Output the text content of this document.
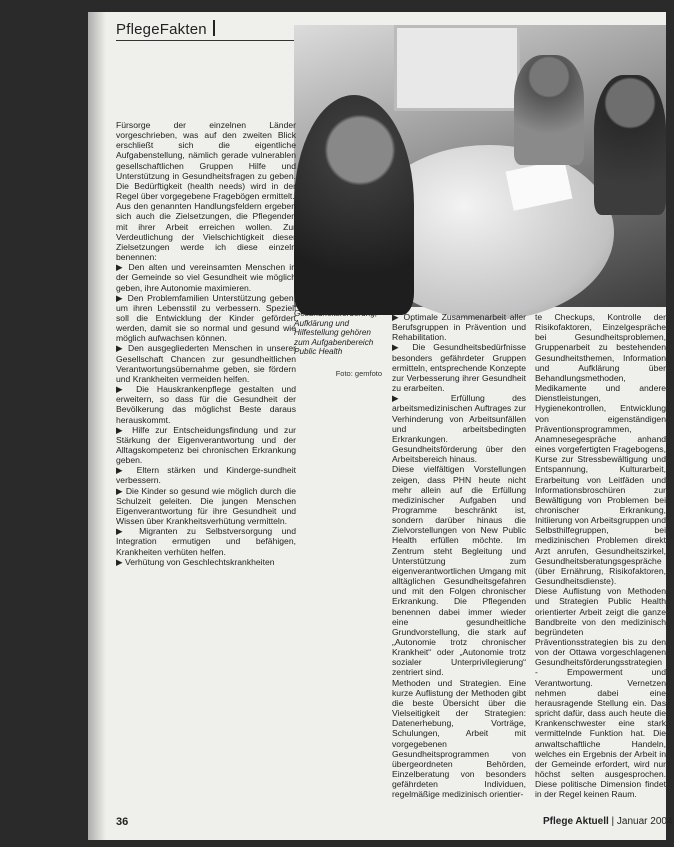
PflegeFakten
Gesundheitsförderung, Aufklärung und Hilfestellung gehören zum Aufgabenbereich Public Health
Foto: gemfoto

Fürsorge der einzelnen Länder vorgeschrieben, was auf den zweiten Blick erschließt sich die eigentliche Aufgabenstellung, nämlich gerade vulnerablen gesellschaftlichen Gruppen Hilfe und Unterstützung in Gesundheitsfragen zu geben. Die Bedürftigkeit (health needs) wird in der Regel über vorgegebene Fragebögen ermittelt.

Aus den genannten Handlungsfeldern ergeben sich auch die Zielsetzungen, die Pflegenden mit ihrer Arbeit erreichen wollen. Zur Verdeutlichung der Vielschichtigkeit dieser Zielsetzungen werde ich diese einzeln benennen:

▶ Den alten und vereinsamten Menschen in der Gemeinde so viel Gesundheit wie möglich geben, ihre Autonomie maximieren.

▶ Den Problemfamilien Unterstützung geben, um ihren Lebensstil zu verbessern. Speziell soll die Entwicklung der Kinder gefördert werden, damit sie so normal und gesund wie möglich aufwachsen können.

▶ Den ausgegliederten Menschen in unserer Gesellschaft Chancen zur gesundheitlichen Verantwortungsübernahme geben, sie fördern und Krankheiten vermeiden helfen.

▶ Die Hauskrankenpflege gestalten und erweitern, so dass für die Gesundheit der Bevölkerung das möglichst Beste daraus herauskommt.

▶ Hilfe zur Entscheidungsfindung und zur Stärkung der Eigenverantwortung und der Alltagskompetenz bei chronischen Erkrankung geben.

▶ Eltern stärken und Kinderge-sundheit verbessern.

▶ Die Kinder so gesund wie möglich durch die Schulzeit geleiten. Die jungen Menschen Eigenverantwortung für ihre Gesundheit und Wissen über Krankheitsverhütung vermitteln.

▶ Migranten zu Selbstversorgung und Integration ermutigen und befähigen, Krankheiten verhüten helfen.

▶ Verhütung von Geschlechtskrankheiten

▶ Optimale Zusammenarbeit aller Berufsgruppen in Prävention und Rehabilitation.

▶ Die Gesundheitsbedürfnisse besonders gefährdeter Gruppen ermitteln, entsprechende Konzepte zur Verbesserung ihrer Gesundheit zu erarbeiten.

▶ Erfüllung des arbeitsmedizinischen Auftrages zur Verhinderung von Arbeitsunfällen und arbeitsbedingten Erkrankungen. Gesundheitsförderung über den Arbeitsbereich hinaus.

Diese vielfältigen Vorstellungen zeigen, dass PHN heute nicht mehr allein auf die Erfüllung medizinischer Aufgaben und Programme beschränkt ist, sondern darüber hinaus die Zielvorstellungen von New Public Health erfüllen möchte. Im Zentrum steht Begleitung und Unterstützung zum eigenverantwortlichen Umgang mit alltäglichen Gesundheitsgefahren und mit den Folgen chronischer Erkrankung. Die Pflegenden benennen dabei immer wieder eine gesundheitliche Grundvorstellung, die stark auf „Autonomie trotz chronischer Krankheit“ oder „Autonomie trotz sozialer Unterprivilegierung“ zentriert sind.

Methoden und Strategien. Eine kurze Auflistung der Methoden gibt die beste Übersicht über die Vielseitigkeit der Strategien: Datenerhebung, Vorträge, Schulungen, Arbeit mit vorgegebenen Gesundheitsprogrammen von übergeordneten Behörden, Einzelberatung von besonders gefährdeten Individuen, regelmäßige medizinisch orientier-

te Checkups, Kontrolle der Risikofaktoren, Einzelgespräche bei Gesundheitsproblemen, Gruppenarbeit zu bestehenden Gesundheitsthemen, Information und Aufklärung über Behandlungsmethoden, Medikamente und andere Dienstleistungen, Hygienekontrollen, Entwicklung von eigenständigen Präventionsprogrammen, Anamnesegespräche anhand eines vorgefertigten Fragebogens, Kurse zur Stressbewältigung und Entspannung, Kulturarbeit, Erarbeitung von Leitfäden und Informationsbroschüren zur Bewältigung von Problemen bei chronischer Erkrankung, Initiierung von Arbeitsgruppen und Selbsthilfegruppen, bei medizinischen Problemen direkt Arzt anrufen, Gesundheitszirkel, Gesundheitsberatungsgespräche (über Ernährung, Risikofaktoren, Gesundheitsdienste).

Diese Auflistung von Methoden und Strategien Public Health orientierter Arbeit zeigt die ganze Bandbreite von den medizinisch begründeten Präventionsstrategien bis zu den von der Ottawa vorgeschlagenen Gesundheitsförderungsstrategien - Empowerment und Verantwortung. Vernetzen nehmen dabei eine herausragende Stellung ein. Das spricht dafür, dass auch heute die Krankenschwester eine stark vermittelnde Funktion hat. Die anwaltschaftliche Handeln, welches ein Ergebnis der Arbeit in der Gemeinde erfordert, wird nur höchst selten ausgesprochen. Diese politische Dimension findet in der Regel keinen Raum.

36	Pflege Aktuell | Januar 2004
